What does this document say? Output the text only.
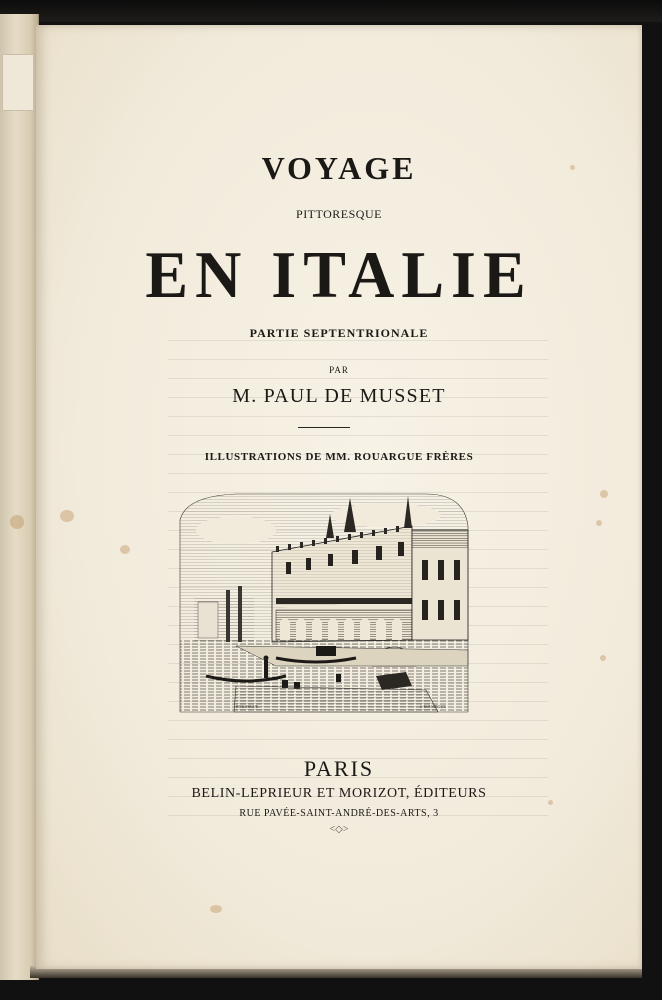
VOYAGE
PITTORESQUE
EN ITALIE
PARTIE SEPTENTRIONALE
PAR
M. PAUL DE MUSSET
ILLUSTRATIONS DE MM. ROUARGUE FRÈRES
ROUARGUE	J. ROUARGUE
PARIS
BELIN-LEPRIEUR ET MORIZOT, ÉDITEURS
RUE PAVÉE-SAINT-ANDRÉ-DES-ARTS, 3
<◇>
